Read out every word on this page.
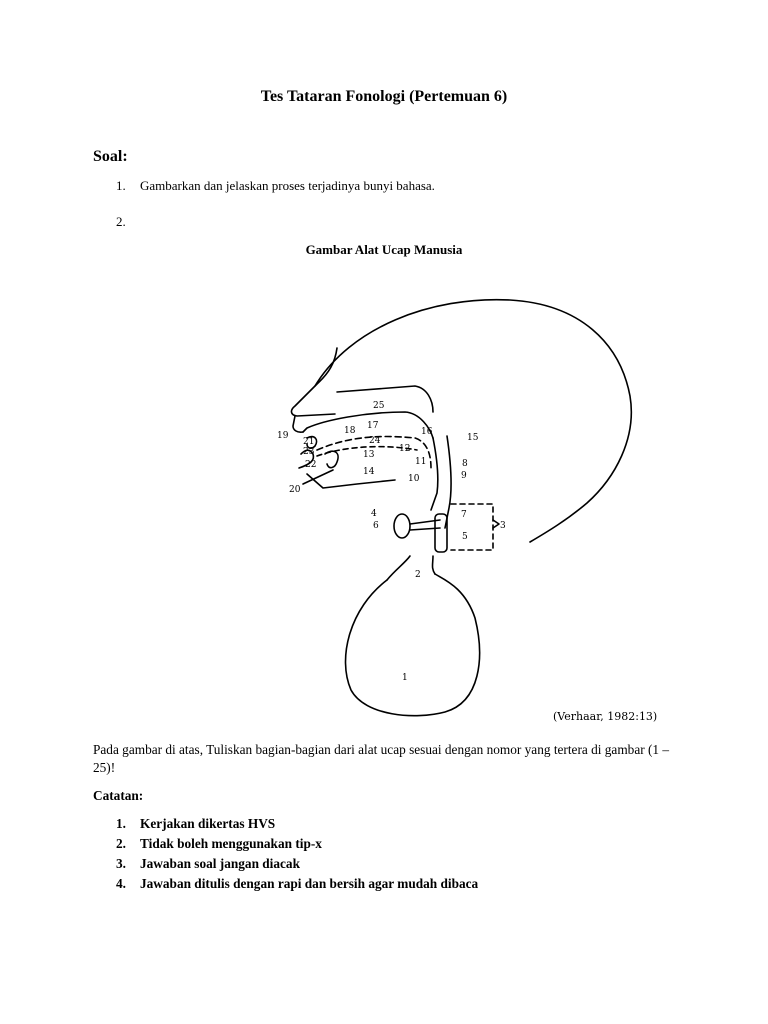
Tes Tataran Fonologi (Pertemuan 6)
Soal:
1.	Gambarkan dan jelaskan proses terjadinya bunyi bahasa.
2.
Gambar Alat Ucap Manusia
25
17
18	16
15
19
21	24
23	13
12
22
14
11	8
9
10
20
4	7
6	3
5
2
1
(Verhaar, 1982:13)
Pada gambar di atas, Tuliskan bagian-bagian dari alat ucap sesuai dengan nomor yang tertera di gambar (1 – 25)!
Catatan:
1.	Kerjakan dikertas HVS
2.	Tidak boleh menggunakan tip-x
3.	Jawaban soal jangan diacak
4.	Jawaban ditulis dengan rapi dan bersih agar mudah dibaca
